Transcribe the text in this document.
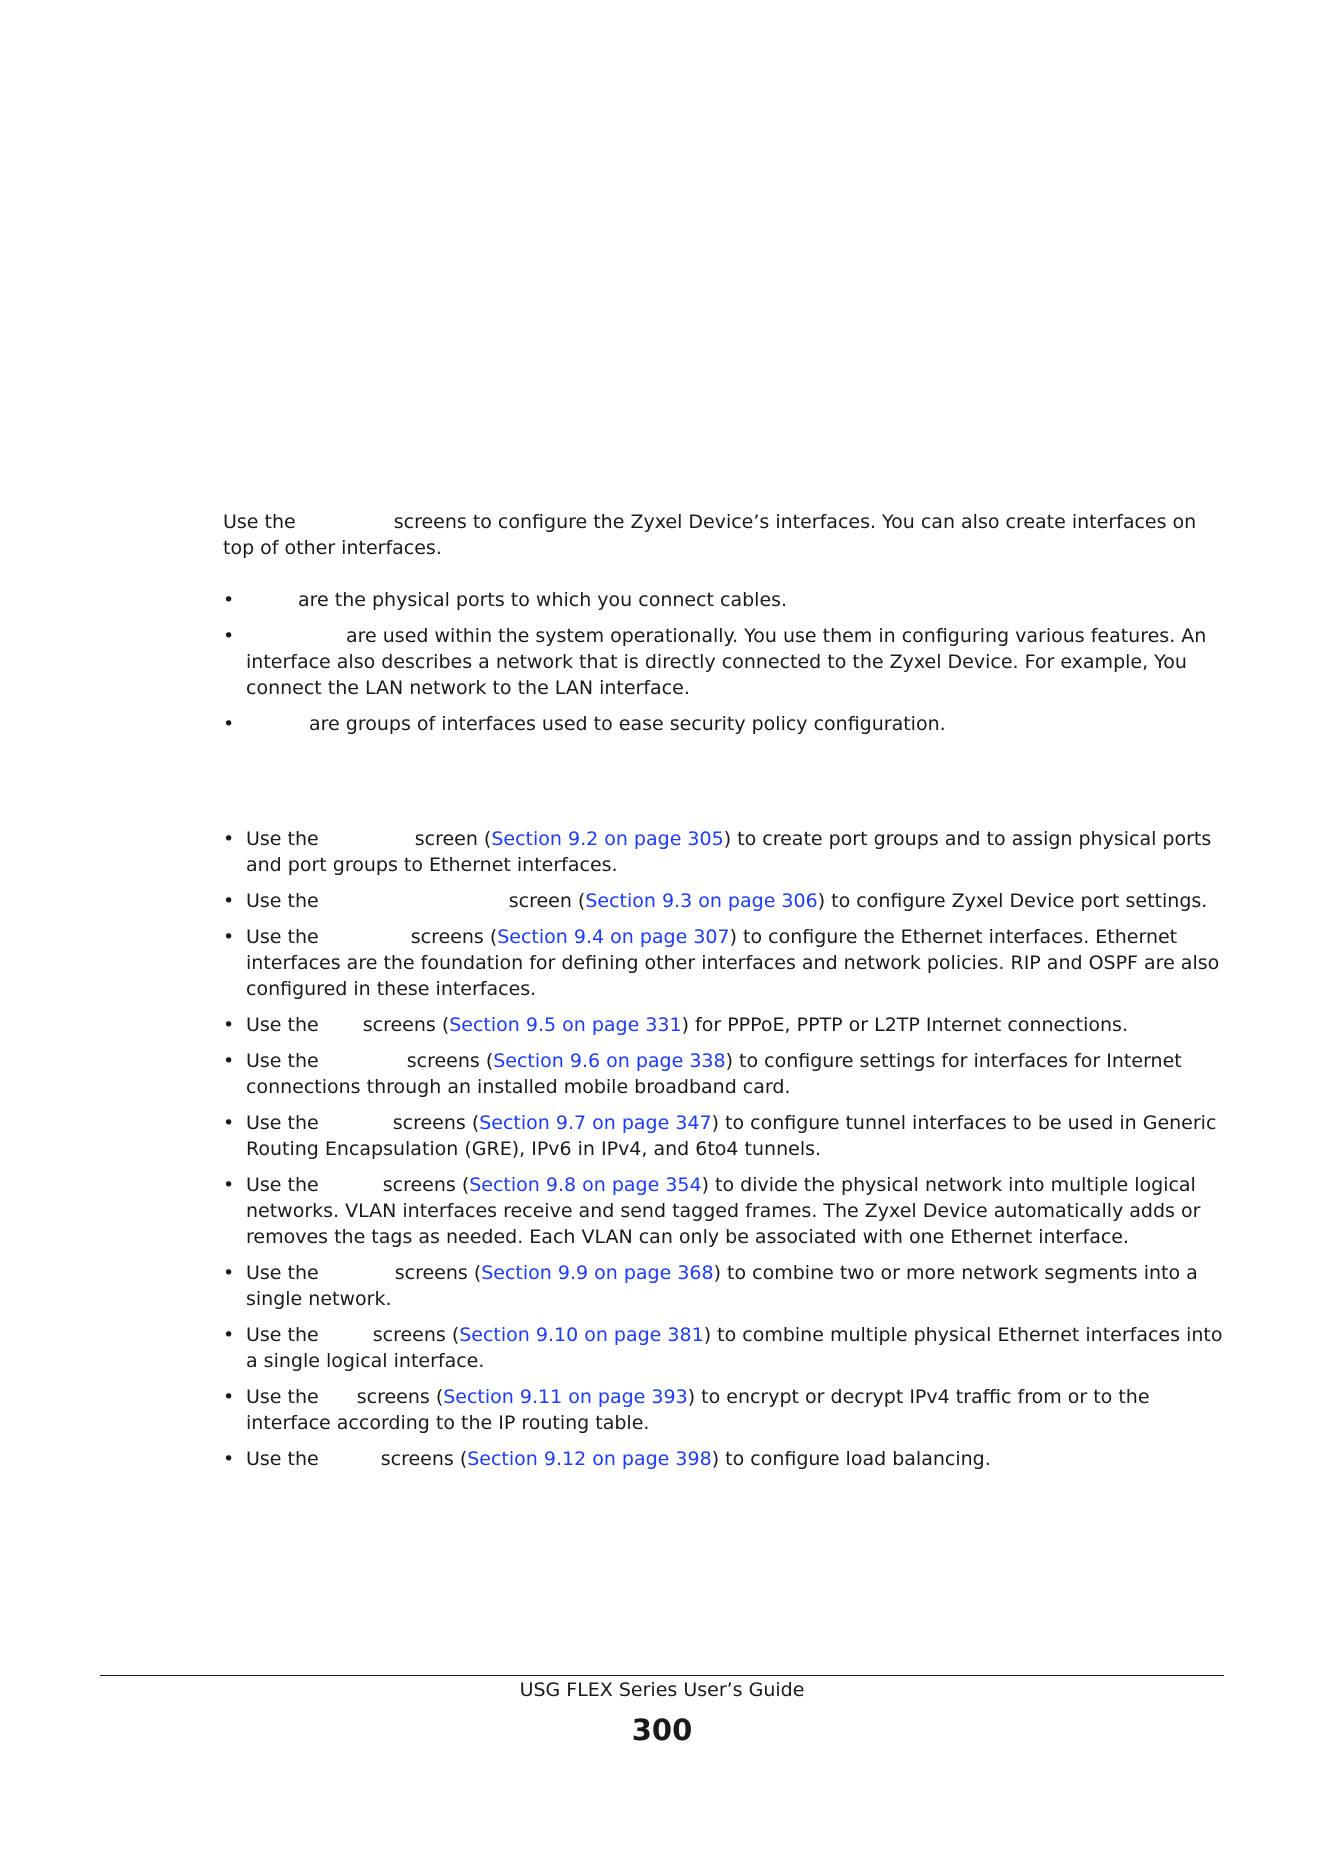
Use the	screens to configure the Zyxel Device’s interfaces. You can also create interfaces on top of other interfaces.

•	are the physical ports to which you connect cables.
•	are used within the system operationally. You use them in configuring various features. An interface also describes a network that is directly connected to the Zyxel Device. For example, You connect the LAN network to the LAN interface.
•	are groups of interfaces used to ease security policy configuration.
• Use the	screen (Section 9.2 on page 305) to create port groups and to assign physical ports and port groups to Ethernet interfaces.
• Use the	screen (Section 9.3 on page 306) to configure Zyxel Device port settings.
• Use the	screens (Section 9.4 on page 307) to configure the Ethernet interfaces. Ethernet interfaces are the foundation for defining other interfaces and network policies. RIP and OSPF are also configured in these interfaces.
• Use the screens (Section 9.5 on page 331) for PPPoE, PPTP or L2TP Internet connections.
• Use the	screens (Section 9.6 on page 338) to configure settings for interfaces for Internet connections through an installed mobile broadband card.
• Use the	screens (Section 9.7 on page 347) to configure tunnel interfaces to be used in Generic Routing Encapsulation (GRE), IPv6 in IPv4, and 6to4 tunnels.
• Use the	screens (Section 9.8 on page 354) to divide the physical network into multiple logical networks. VLAN interfaces receive and send tagged frames. The Zyxel Device automatically adds or removes the tags as needed. Each VLAN can only be associated with one Ethernet interface.
• Use the	screens (Section 9.9 on page 368) to combine two or more network segments into a single network.
• Use the	screens (Section 9.10 on page 381) to combine multiple physical Ethernet interfaces into a single logical interface.
• Use the screens (Section 9.11 on page 393) to encrypt or decrypt IPv4 traffic from or to the interface according to the IP routing table.
• Use the	screens (Section 9.12 on page 398) to configure load balancing.
USG FLEX Series User’s Guide
300
